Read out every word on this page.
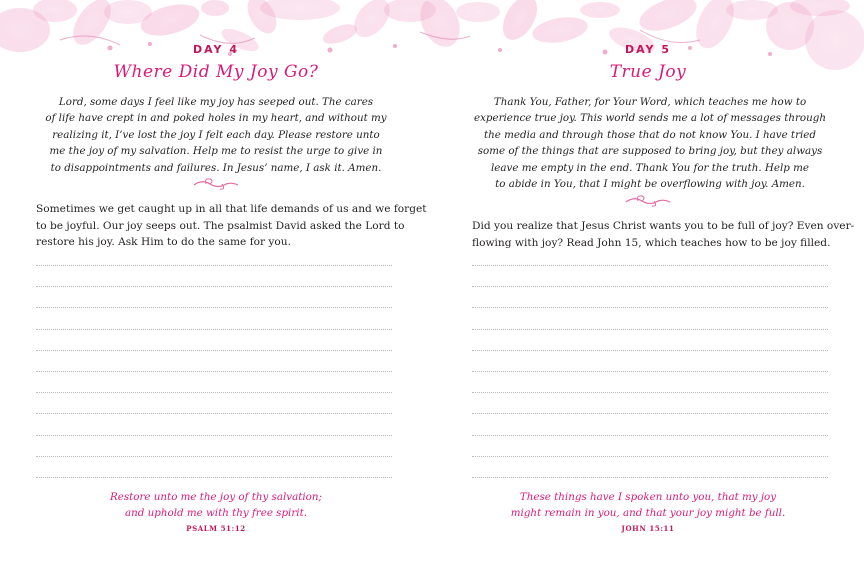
DAY 4
Where Did My Joy Go?
Lord, some days I feel like my joy has seeped out. The cares
of life have crept in and poked holes in my heart, and without my
realizing it, I’ve lost the joy I felt each day. Please restore unto
me the joy of my salvation. Help me to resist the urge to give in
to disappointments and failures. In Jesus’ name, I ask it. Amen.
Sometimes we get caught up in all that life demands of us and we forget
to be joyful. Our joy seeps out. The psalmist David asked the Lord to
restore his joy. Ask Him to do the same for you.
Restore unto me the joy of thy salvation;
and uphold me with thy free spirit.
PSALM 51:12
DAY 5
True Joy
Thank You, Father, for Your Word, which teaches me how to
experience true joy. This world sends me a lot of messages through
the media and through those that do not know You. I have tried
some of the things that are supposed to bring joy, but they always
leave me empty in the end. Thank You for the truth. Help me
to abide in You, that I might be overflowing with joy. Amen.
Did you realize that Jesus Christ wants you to be full of joy? Even over-
flowing with joy? Read John 15, which teaches how to be joy filled.
These things have I spoken unto you, that my joy
might remain in you, and that your joy might be full.
JOHN 15:11
